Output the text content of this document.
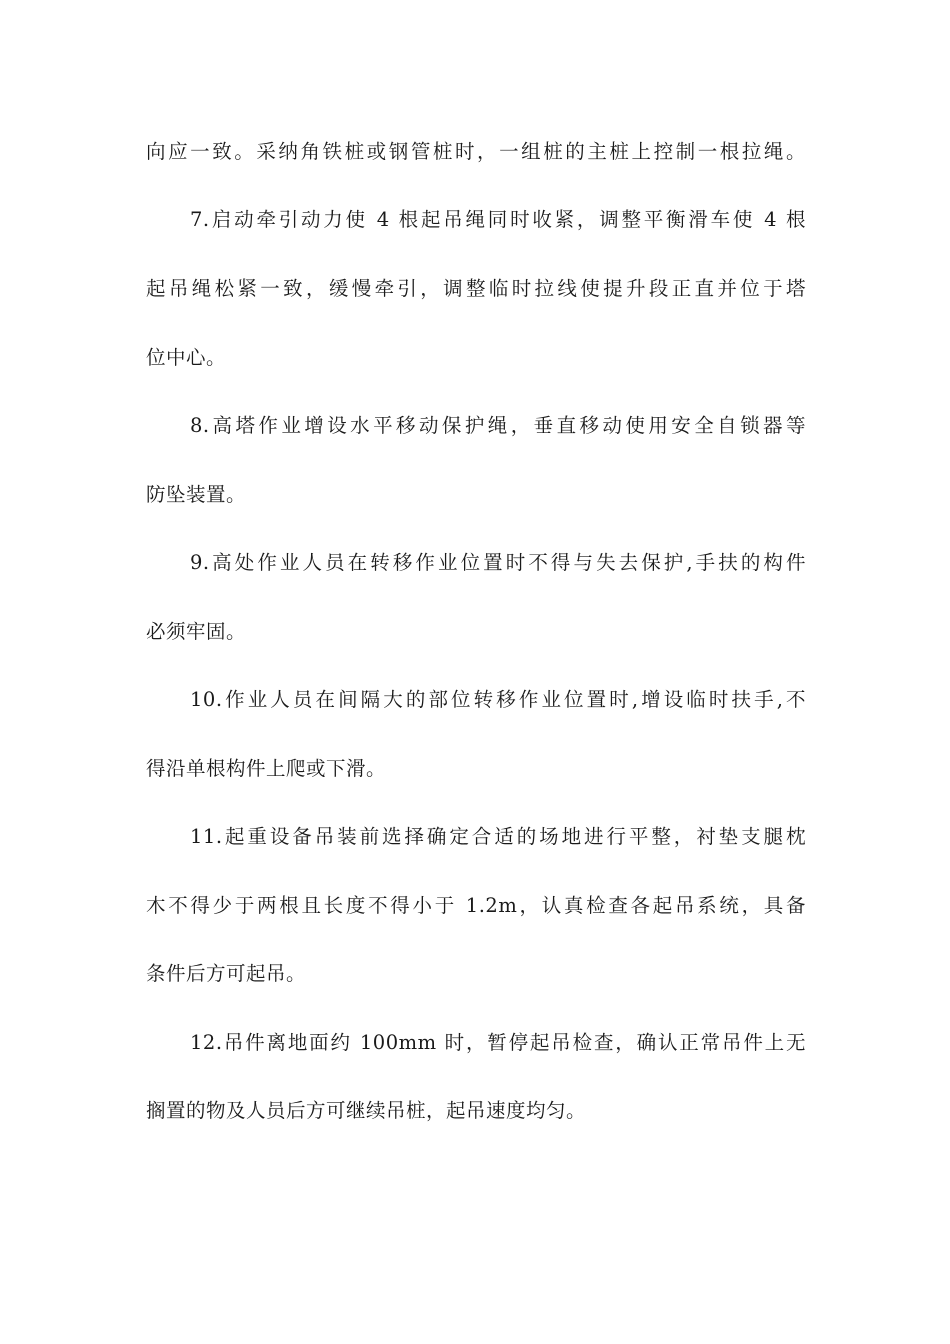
向应一致。采纳角铁桩或钢管桩时，一组桩的主桩上控制一根拉绳。
7.启动牵引动力使 4 根起吊绳同时收紧，调整平衡滑车使 4 根
起吊绳松紧一致，缓慢牵引，调整临时拉线使提升段正直并位于塔
位中心。
8.高塔作业增设水平移动保护绳，垂直移动使用安全自锁器等
防坠装置。
9.高处作业人员在转移作业位置时不得与失去保护,手扶的构件
必须牢固。
10.作业人员在间隔大的部位转移作业位置时,增设临时扶手,不
得沿单根构件上爬或下滑。
11.起重设备吊装前选择确定合适的场地进行平整，衬垫支腿枕
木不得少于两根且长度不得小于 1.2m，认真检查各起吊系统，具备
条件后方可起吊。
12.吊件离地面约 100mm 时，暂停起吊检查，确认正常吊件上无
搁置的物及人员后方可继续吊桩，起吊速度均匀。
